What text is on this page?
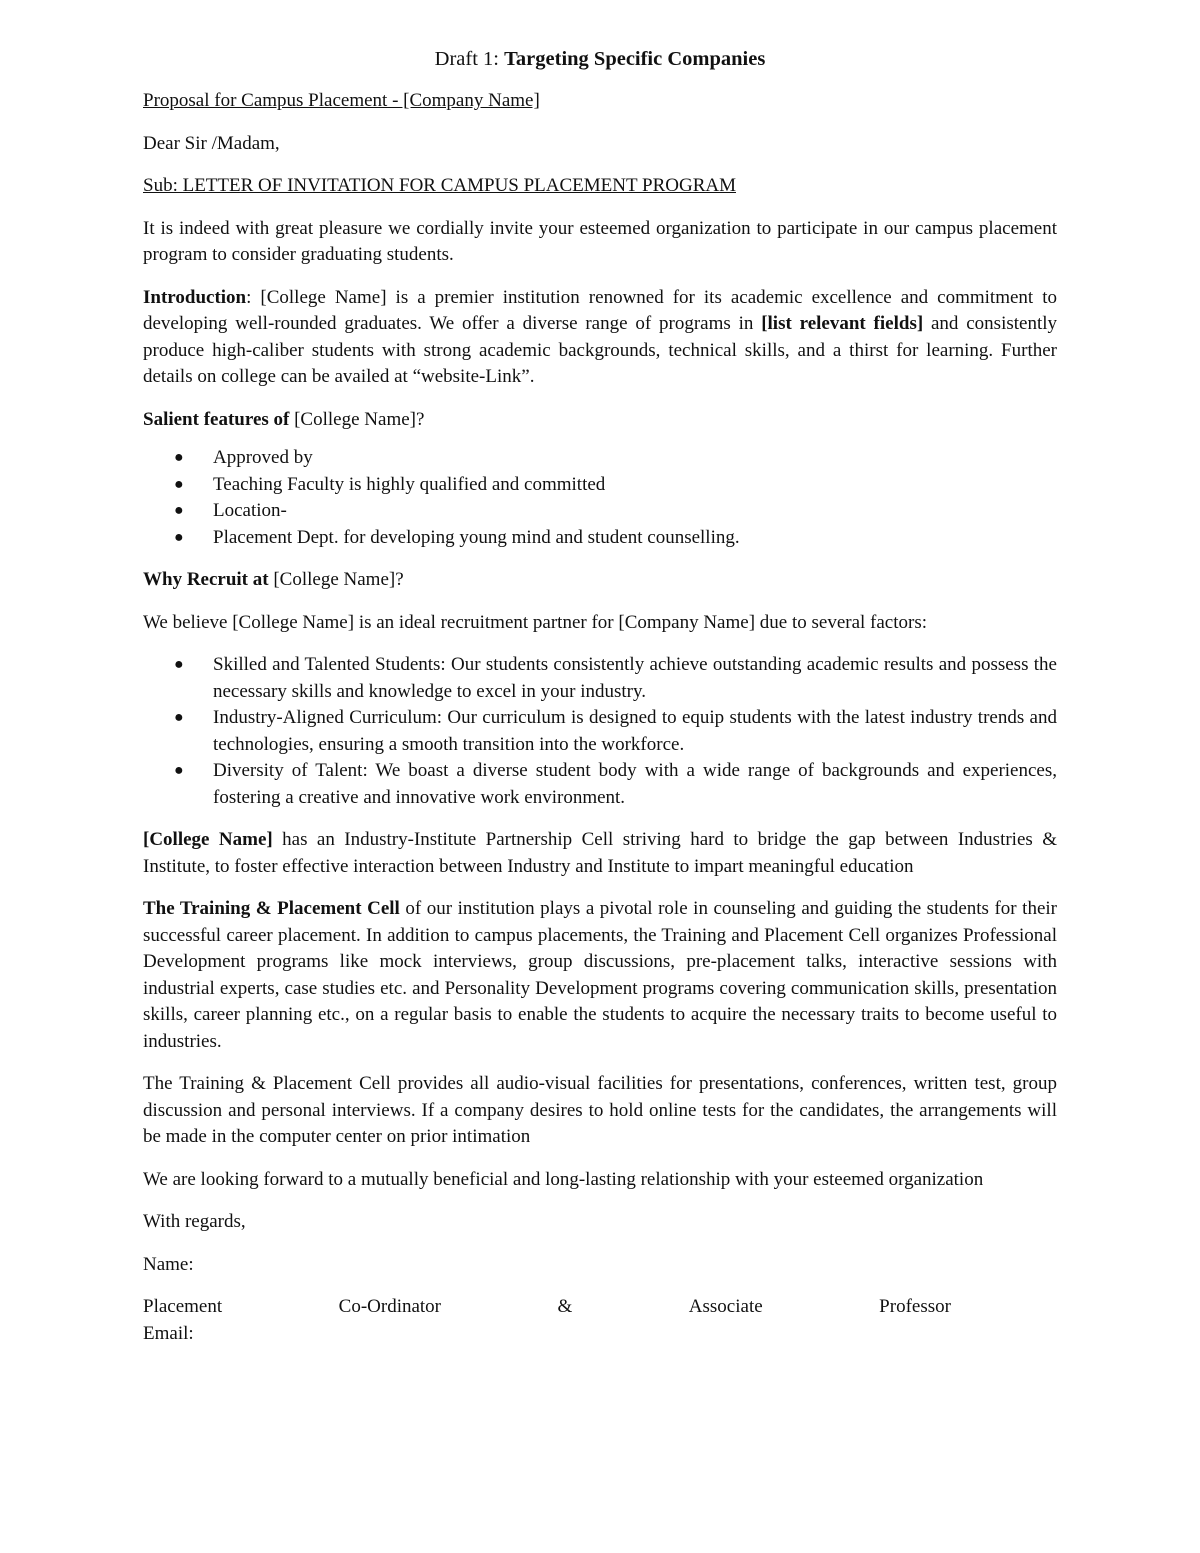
Draft 1: Targeting Specific Companies

Proposal for Campus Placement - [Company Name]

Dear Sir /Madam,

Sub: LETTER OF INVITATION FOR CAMPUS PLACEMENT PROGRAM

It is indeed with great pleasure we cordially invite your esteemed organization to participate in our campus placement program to consider graduating students.

Introduction: [College Name] is a premier institution renowned for its academic excellence and commitment to developing well-rounded graduates. We offer a diverse range of programs in [list relevant fields] and consistently produce high-caliber students with strong academic backgrounds, technical skills, and a thirst for learning. Further details on college can be availed at “website-Link”.

Salient features of [College Name]?

● Approved by
● Teaching Faculty is highly qualified and committed
● Location-
● Placement Dept. for developing young mind and student counselling.

Why Recruit at [College Name]?

We believe [College Name] is an ideal recruitment partner for [Company Name] due to several factors:

● Skilled and Talented Students: Our students consistently achieve outstanding academic results and possess the necessary skills and knowledge to excel in your industry.
● Industry-Aligned Curriculum: Our curriculum is designed to equip students with the latest industry trends and technologies, ensuring a smooth transition into the workforce.
● Diversity of Talent: We boast a diverse student body with a wide range of backgrounds and experiences, fostering a creative and innovative work environment.

[College Name] has an Industry-Institute Partnership Cell striving hard to bridge the gap between Industries & Institute, to foster effective interaction between Industry and Institute to impart meaningful education

The Training & Placement Cell of our institution plays a pivotal role in counseling and guiding the students for their successful career placement. In addition to campus placements, the Training and Placement Cell organizes Professional Development programs like mock interviews, group discussions, pre-placement talks, interactive sessions with industrial experts, case studies etc. and Personality Development programs covering communication skills, presentation skills, career planning etc., on a regular basis to enable the students to acquire the necessary traits to become useful to industries.

The Training & Placement Cell provides all audio-visual facilities for presentations, conferences, written test, group discussion and personal interviews. If a company desires to hold online tests for the candidates, the arrangements will be made in the computer center on prior intimation

We are looking forward to a mutually beneficial and long-lasting relationship with your esteemed organization

With regards,

Name:

Placement	Co-Ordinator	&	Associate	Professor
Email:
